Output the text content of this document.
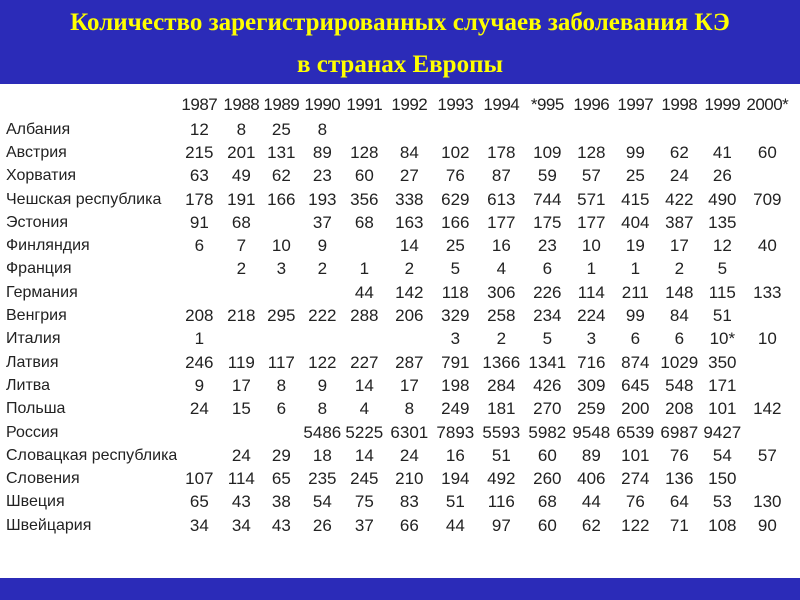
Количество зарегистрированных случаев заболевания КЭ
в странах Европы
	1987	1988	1989	1990	1991	1992	1993	1994	*995	1996	1997	1998	1999	2000*
Албания	12	8	25	8										
Австрия	215	201	131	89	128	84	102	178	109	128	99	62	41	60
Хорватия	63	49	62	23	60	27	76	87	59	57	25	24	26	
Чешская республика	178	191	166	193	356	338	629	613	744	571	415	422	490	709
Эстония	91	68		37	68	163	166	177	175	177	404	387	135	
Финляндия	6	7	10	9		14	25	16	23	10	19	17	12	40
Франция		2	3	2	1	2	5	4	6	1	1	2	5	
Германия					44	142	118	306	226	114	211	148	115	133
Венгрия	208	218	295	222	288	206	329	258	234	224	99	84	51	
Италия	1						3	2	5	3	6	6	10*	10
Латвия	246	119	117	122	227	287	791	1366	1341	716	874	1029	350	
Литва	9	17	8	9	14	17	198	284	426	309	645	548	171	
Польша	24	15	6	8	4	8	249	181	270	259	200	208	101	142
Россия				5486	5225	6301	7893	5593	5982	9548	6539	6987	9427	
Словацкая республика		24	29	18	14	24	16	51	60	89	101	76	54	57
Словения	107	114	65	235	245	210	194	492	260	406	274	136	150	
Швеция	65	43	38	54	75	83	51	116	68	44	76	64	53	130
Швейцария	34	34	43	26	37	66	44	97	60	62	122	71	108	90
